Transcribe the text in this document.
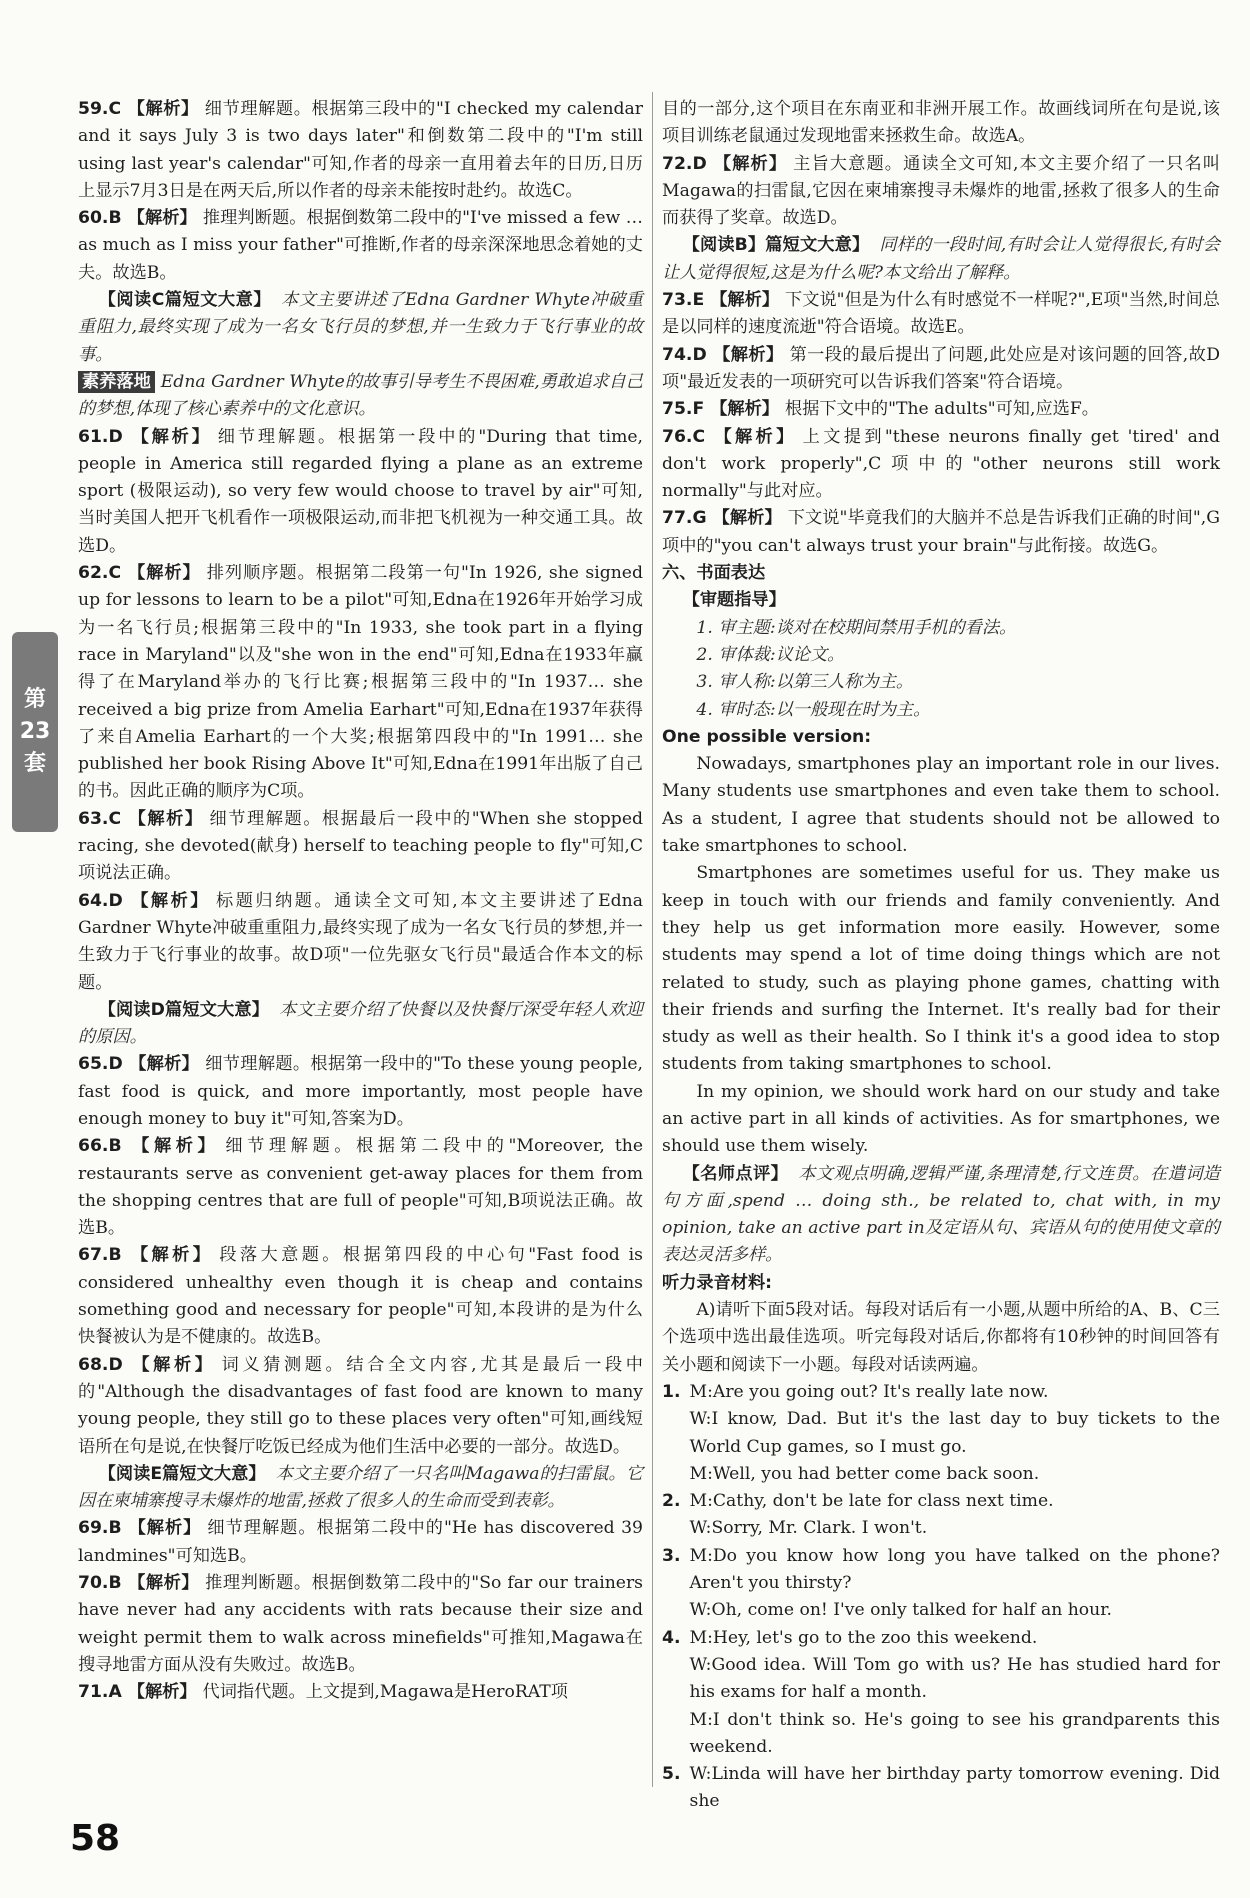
第
23
套

59.C 【解析】 细节理解题。根据第三段中的"I checked my calendar and it says July 3 is two days later"和倒数第二段中的"I'm still using last year's calendar"可知,作者的母亲一直用着去年的日历,日历上显示7月3日是在两天后,所以作者的母亲未能按时赴约。故选C。

60.B 【解析】 推理判断题。根据倒数第二段中的"I've missed a few … as much as I miss your father"可推断,作者的母亲深深地思念着她的丈夫。故选B。

【阅读C篇短文大意】 本文主要讲述了Edna Gardner Whyte冲破重重阻力,最终实现了成为一名女飞行员的梦想,并一生致力于飞行事业的故事。

素养落地 Edna Gardner Whyte的故事引导考生不畏困难,勇敢追求自己的梦想,体现了核心素养中的文化意识。

61.D 【解析】 细节理解题。根据第一段中的"During that time, people in America still regarded flying a plane as an extreme sport (极限运动), so very few would choose to travel by air"可知,当时美国人把开飞机看作一项极限运动,而非把飞机视为一种交通工具。故选D。

62.C 【解析】 排列顺序题。根据第二段第一句"In 1926, she signed up for lessons to learn to be a pilot"可知,Edna在1926年开始学习成为一名飞行员;根据第三段中的"In 1933, she took part in a flying race in Maryland"以及"she won in the end"可知,Edna在1933年赢得了在Maryland举办的飞行比赛;根据第三段中的"In 1937… she received a big prize from Amelia Earhart"可知,Edna在1937年获得了来自Amelia Earhart的一个大奖;根据第四段中的"In 1991… she published her book Rising Above It"可知,Edna在1991年出版了自己的书。因此正确的顺序为C项。

63.C 【解析】 细节理解题。根据最后一段中的"When she stopped racing, she devoted(献身) herself to teaching people to fly"可知,C项说法正确。

64.D 【解析】 标题归纳题。通读全文可知,本文主要讲述了Edna Gardner Whyte冲破重重阻力,最终实现了成为一名女飞行员的梦想,并一生致力于飞行事业的故事。故D项"一位先驱女飞行员"最适合作本文的标题。

【阅读D篇短文大意】 本文主要介绍了快餐以及快餐厅深受年轻人欢迎的原因。

65.D 【解析】 细节理解题。根据第一段中的"To these young people, fast food is quick, and more importantly, most people have enough money to buy it"可知,答案为D。

66.B 【解析】 细节理解题。根据第二段中的"Moreover, the restaurants serve as convenient get-away places for them from the shopping centres that are full of people"可知,B项说法正确。故选B。

67.B 【解析】 段落大意题。根据第四段的中心句"Fast food is considered unhealthy even though it is cheap and contains something good and necessary for people"可知,本段讲的是为什么快餐被认为是不健康的。故选B。

68.D 【解析】 词义猜测题。结合全文内容,尤其是最后一段中的"Although the disadvantages of fast food are known to many young people, they still go to these places very often"可知,画线短语所在句是说,在快餐厅吃饭已经成为他们生活中必要的一部分。故选D。

【阅读E篇短文大意】 本文主要介绍了一只名叫Magawa的扫雷鼠。它因在柬埔寨搜寻未爆炸的地雷,拯救了很多人的生命而受到表彰。

69.B 【解析】 细节理解题。根据第二段中的"He has discovered 39 landmines"可知选B。

70.B 【解析】 推理判断题。根据倒数第二段中的"So far our trainers have never had any accidents with rats because their size and weight permit them to walk across minefields"可推知,Magawa在搜寻地雷方面从没有失败过。故选B。

71.A 【解析】 代词指代题。上文提到,Magawa是HeroRAT项

目的一部分,这个项目在东南亚和非洲开展工作。故画线词所在句是说,该项目训练老鼠通过发现地雷来拯救生命。故选A。

72.D 【解析】 主旨大意题。通读全文可知,本文主要介绍了一只名叫Magawa的扫雷鼠,它因在柬埔寨搜寻未爆炸的地雷,拯救了很多人的生命而获得了奖章。故选D。

【阅读B】篇短文大意】 同样的一段时间,有时会让人觉得很长,有时会让人觉得很短,这是为什么呢?本文给出了解释。

73.E 【解析】 下文说"但是为什么有时感觉不一样呢?",E项"当然,时间总是以同样的速度流逝"符合语境。故选E。

74.D 【解析】 第一段的最后提出了问题,此处应是对该问题的回答,故D项"最近发表的一项研究可以告诉我们答案"符合语境。

75.F 【解析】 根据下文中的"The adults"可知,应选F。

76.C 【解析】 上文提到"these neurons finally get 'tired' and don't work properly",C项中的"other neurons still work normally"与此对应。

77.G 【解析】 下文说"毕竟我们的大脑并不总是告诉我们正确的时间",G项中的"you can't always trust your brain"与此衔接。故选G。

六、书面表达

【审题指导】

1. 审主题:谈对在校期间禁用手机的看法。

2. 审体裁:议论文。

3. 审人称:以第三人称为主。

4. 审时态:以一般现在时为主。

One possible version:

Nowadays, smartphones play an important role in our lives. Many students use smartphones and even take them to school. As a student, I agree that students should not be allowed to take smartphones to school.

Smartphones are sometimes useful for us. They make us keep in touch with our friends and family conveniently. And they help us get information more easily. However, some students may spend a lot of time doing things which are not related to study, such as playing phone games, chatting with their friends and surfing the Internet. It's really bad for their study as well as their health. So I think it's a good idea to stop students from taking smartphones to school.

In my opinion, we should work hard on our study and take an active part in all kinds of activities. As for smartphones, we should use them wisely.

【名师点评】 本文观点明确,逻辑严谨,条理清楚,行文连贯。在遣词造句方面,spend … doing sth., be related to, chat with, in my opinion, take an active part in及定语从句、宾语从句的使用使文章的表达灵活多样。

听力录音材料:

A)请听下面5段对话。每段对话后有一小题,从题中所给的A、B、C三个选项中选出最佳选项。听完每段对话后,你都将有10秒钟的时间回答有关小题和阅读下一小题。每段对话读两遍。

1. M:Are you going out? It's really late now.

W:I know, Dad. But it's the last day to buy tickets to the World Cup games, so I must go.

M:Well, you had better come back soon.

2. M:Cathy, don't be late for class next time.

W:Sorry, Mr. Clark. I won't.

3. M:Do you know how long you have talked on the phone? Aren't you thirsty?

W:Oh, come on! I've only talked for half an hour.

4. M:Hey, let's go to the zoo this weekend.

W:Good idea. Will Tom go with us? He has studied hard for his exams for half a month.

M:I don't think so. He's going to see his grandparents this weekend.

5. W:Linda will have her birthday party tomorrow evening. Did she

58
